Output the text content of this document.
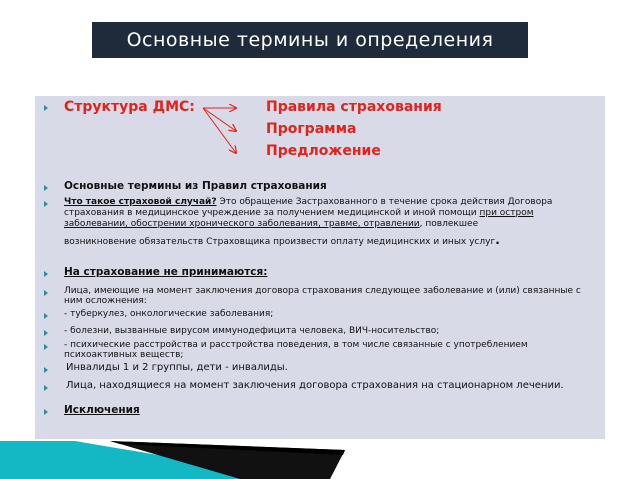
Основные термины и определения
Структура ДМС:	Правила страхования
Программа
Предложение
Основные термины из Правил страхования
Что такое страховой случай? Это обращение Застрахованного в течение срока действия Договора
страхования в медицинское учреждение за получением медицинской и иной помощи при остром
заболевании, обострении хронического заболевания, травме, отравлении, повлекшее
возникновение обязательств Страховщика произвести оплату медицинских и иных услуг.
На страхование не принимаются:
Лица, имеющие на момент заключения договора страхования следующее заболевание и (или) связанные с
ним осложнения:
- туберкулез, онкологические заболевания;
- болезни, вызванные вирусом иммунодефицита человека, ВИЧ-носительство;
- психические расстройства и расстройства поведения, в том числе связанные с употреблением
психоактивных веществ;
Инвалиды 1 и 2 группы, дети - инвалиды.
Лица, находящиеся на момент заключения договора страхования на стационарном лечении.
Исключения
